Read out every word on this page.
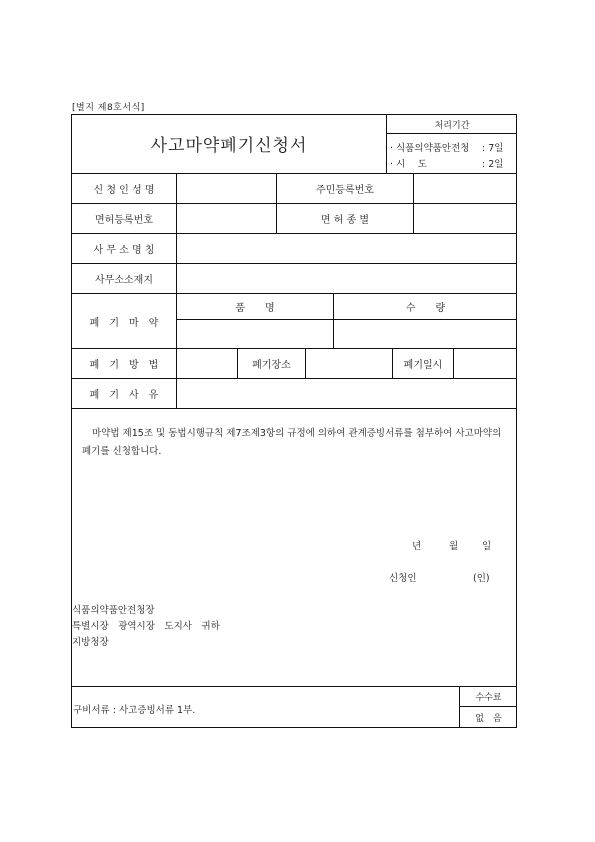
[별지 제8호서식]
사고마약폐기신청서
처리기간
· 식품의약품안전청 : 7일
· 시　 도	: 2일
신 청 인 성 명	주민등록번호
면허등록번호	면 허 종 별
사 무 소 명 칭
사무소소재지
폐　기　마　약
품　　명	수　　량
폐　기　방　법	폐기장소	폐기일시
폐　기　사　유
마약법 제15조 및 동법시행규칙 제7조제3항의 규정에 의하여 관계증빙서류를 첨부하여 사고마약의 폐기를 신청합니다.
년	월	일
신청인	(인)
식품의약품안전청장
특별시장　광역시장　도지사　귀하
지방청장
구비서류 : 사고증빙서류 1부.
수수료
없　음
